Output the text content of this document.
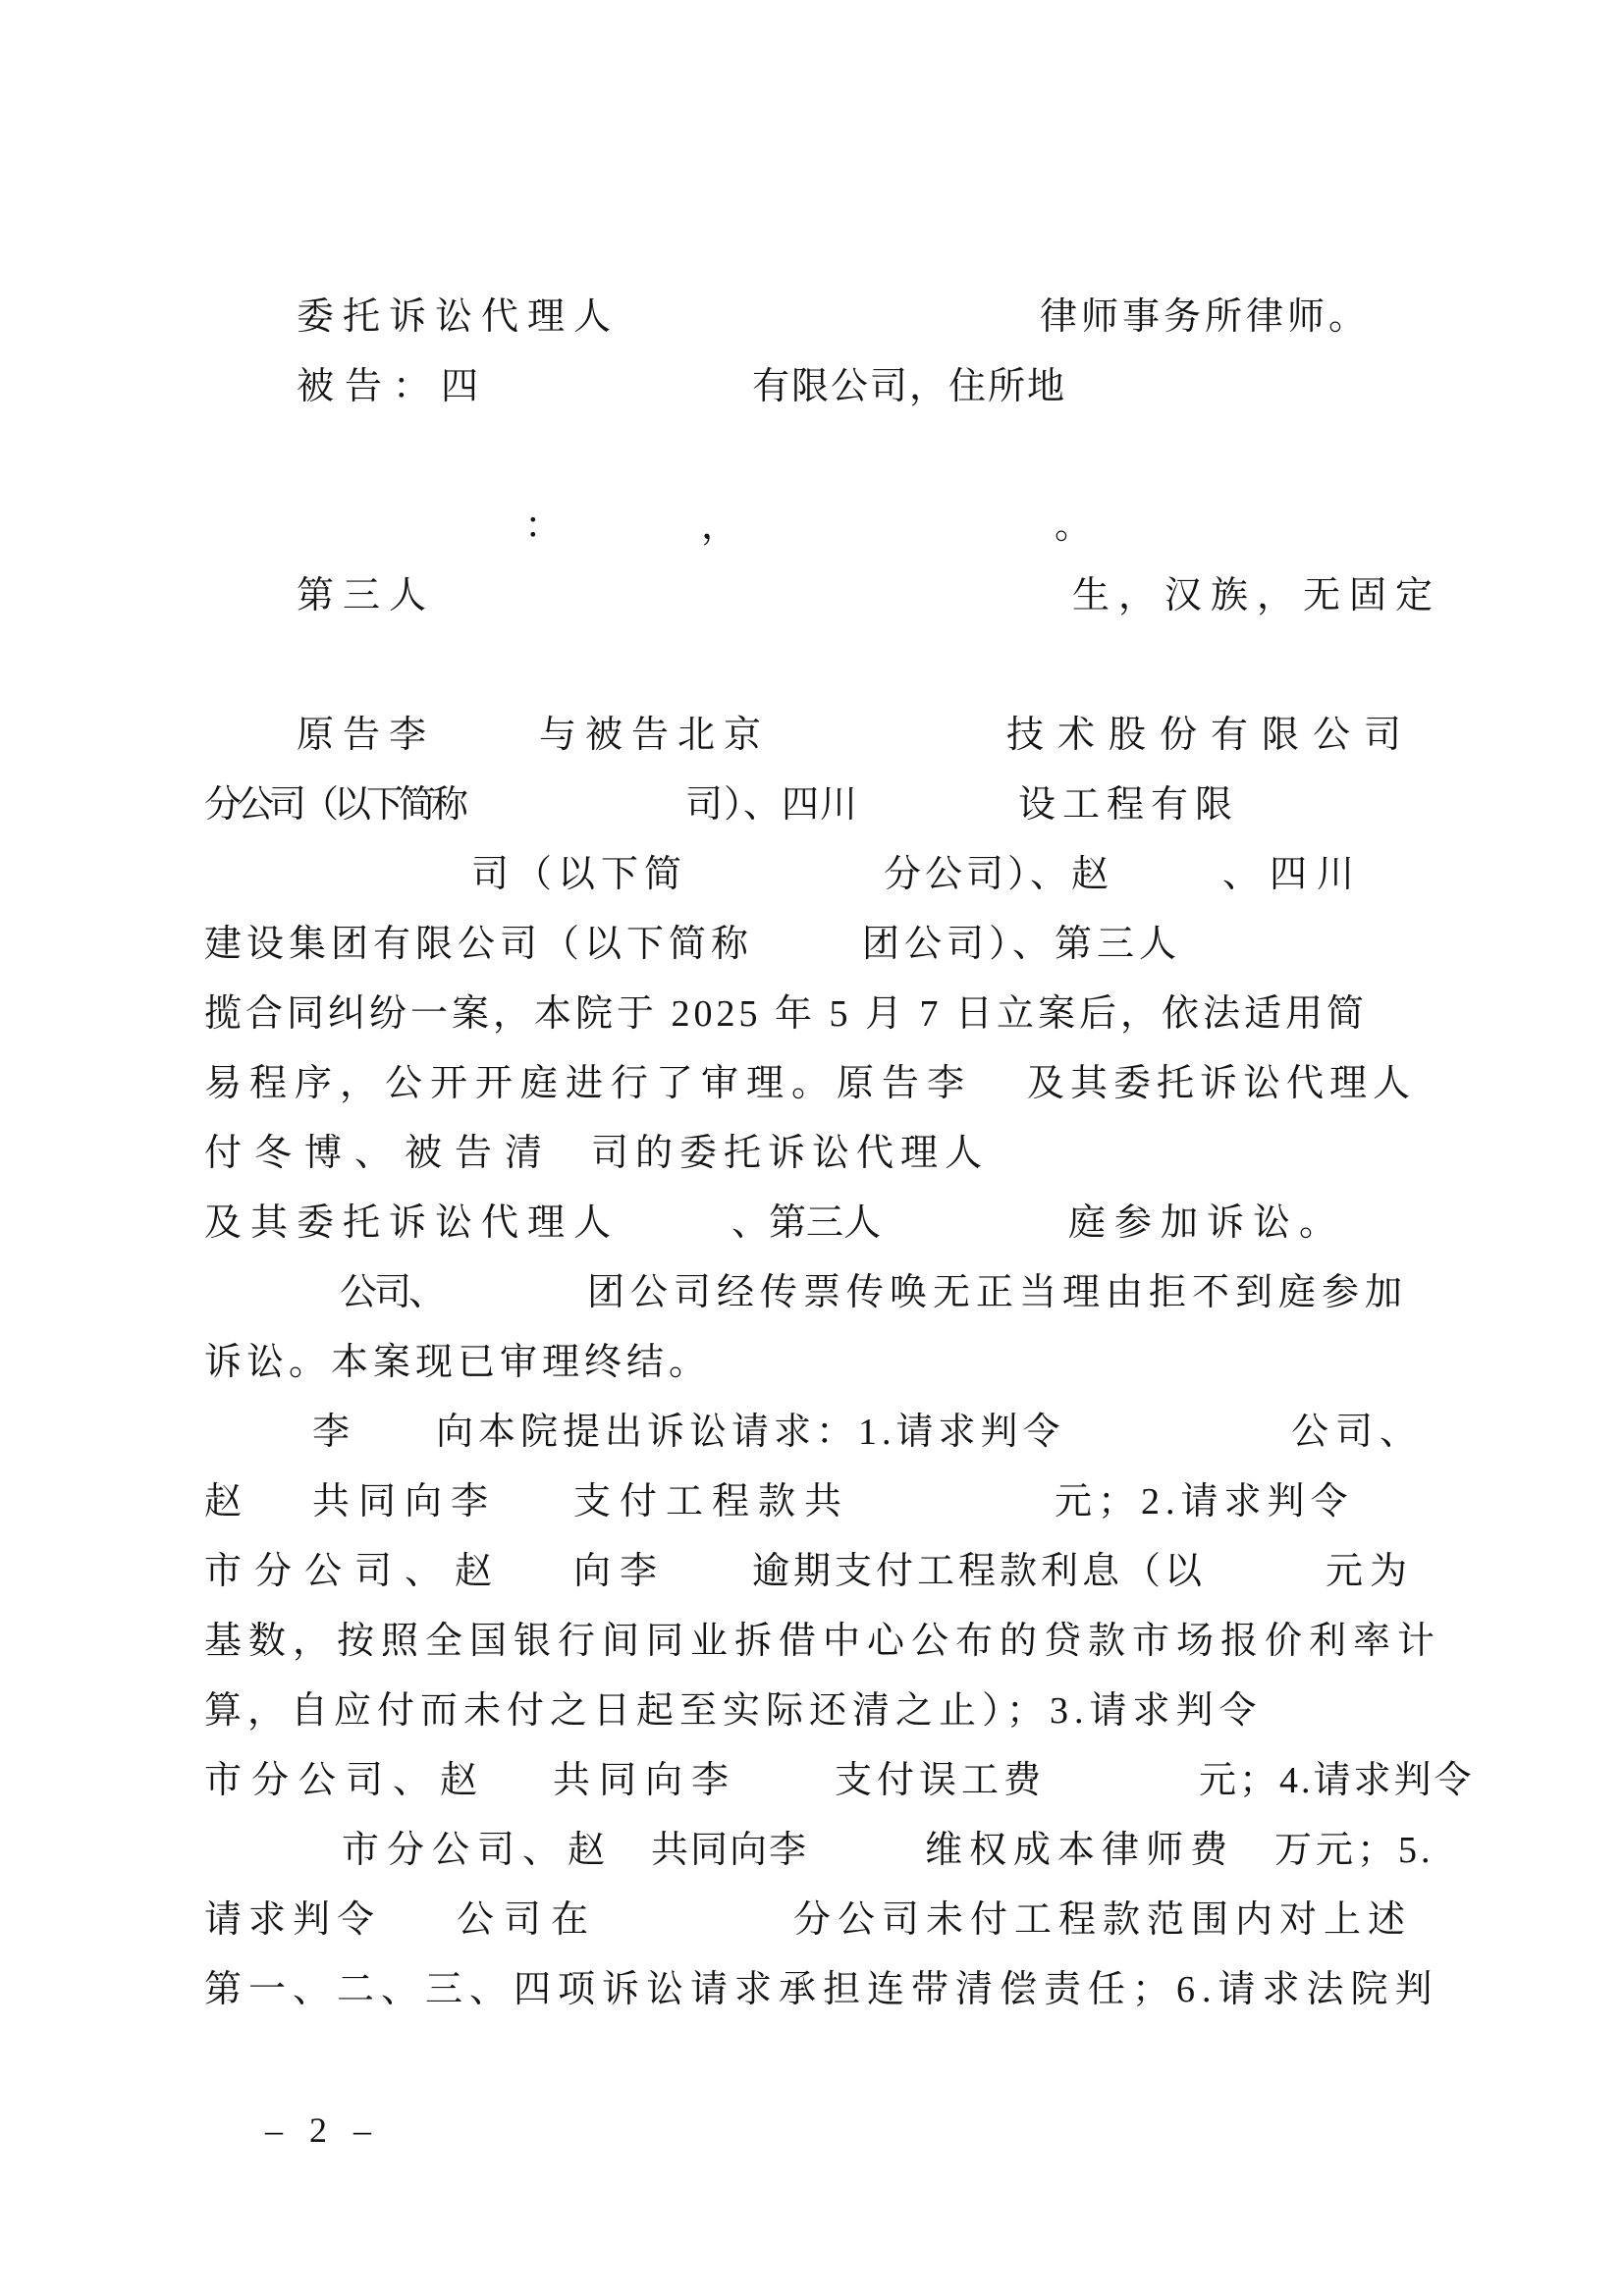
委托诉讼代理人	律师事务所律师。
被告：四	有限公司，住所地
：	，	。
第三人	生，汉族，无固定
原告李	与被告北京	技术股份有限公司
分公司（以下简称	司）、四川	设工程有限
司（以下简	分公司）、赵	、四川
建设集团有限公司（以下简称	团公司）、第三人
揽合同纠纷一案，本院于 2025 年 5 月 7 日立案后，依法适用简
易程序，公开开庭进行了审理。原告李 及其委托诉讼代理人
付冬博、被告清 司的委托诉讼代理人
及其委托诉讼代理人	、第三人	庭参加诉讼。
公司、	团公司经传票传唤无正当理由拒不到庭参加
诉讼。本案现已审理终结。
李 向本院提出诉讼请求：1.请求判令	公司、
赵 共同向李 支付工程款共	元；2.请求判令
市分公司、赵 向李 逾期支付工程款利息（以	元为
基数，按照全国银行间同业拆借中心公布的贷款市场报价利率计
算，自应付而未付之日起至实际还清之止）；3.请求判令
市分公司、赵 共同向李	支付误工费	元；4.请求判令
市分公司、赵 共同向李	维权成本律师费 万元；5.
请求判令 公司在	分公司未付工程款范围内对上述
第一、二、三、四项诉讼请求承担连带清偿责任；6.请求法院判
– 2 –
